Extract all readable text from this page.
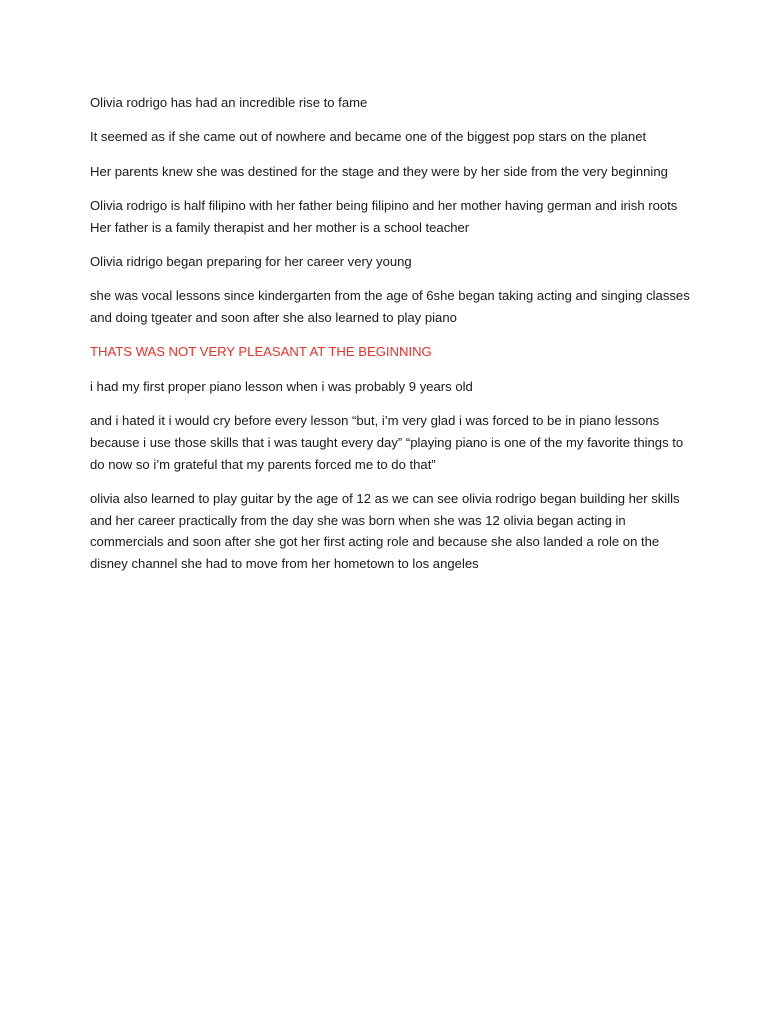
Olivia rodrigo has had an incredible rise to fame

It seemed as if she came out of nowhere and became one of the biggest pop stars on the planet

Her parents knew she was destined for the stage and they were by her side from the very beginning

Olivia rodrigo is half filipino with her father being filipino and her mother having german and irish roots Her father is a family therapist and her mother is a school teacher

Olivia ridrigo began preparing for her career very young

she was vocal lessons since kindergarten from the age of 6she began taking acting and singing classes and doing tgeater and soon after she also learned to play piano

THATS WAS NOT VERY PLEASANT AT THE BEGINNING

i had my first proper piano lesson when i was probably 9 years old

and i hated it i would cry before every lesson “but, i’m very glad i was forced to be in piano lessons because i use those skills that i was taught every day” “playing piano is one of the my favorite things to do now so i’m grateful that my parents forced me to do that”

olivia also learned to play guitar by the age of 12 as we can see olivia rodrigo began building her skills and her career practically from the day she was born when she was 12 olivia began acting in commercials and soon after she got her first acting role and because she also landed a role on the disney channel she had to move from her hometown to los angeles
